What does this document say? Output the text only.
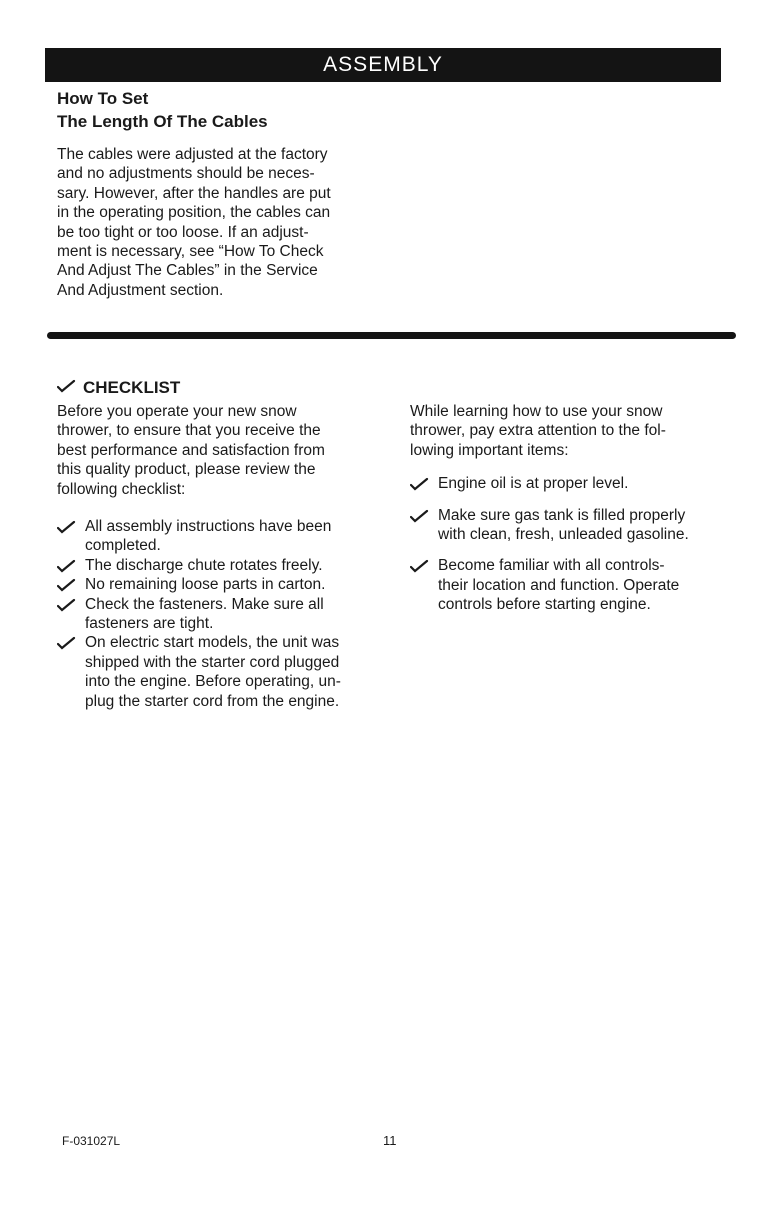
ASSEMBLY
How To Set
The Length Of The Cables
The cables were adjusted at the factory
and no adjustments should be neces-
sary. However, after the handles are put
in the operating position, the cables can
be too tight or too loose. If an adjust-
ment is necessary, see “How To Check
And Adjust The Cables” in the Service
And Adjustment section.
CHECKLIST
Before you operate your new snow
thrower, to ensure that you receive the
best performance and satisfaction from
this quality product, please review the
following checklist:
All assembly instructions have been
completed.
The discharge chute rotates freely.
No remaining loose parts in carton.
Check the fasteners. Make sure all
fasteners are tight.
On electric start models, the unit was
shipped with the starter cord plugged
into the engine. Before operating, un-
plug the starter cord from the engine.
While learning how to use your snow
thrower, pay extra attention to the fol-
lowing important items:
Engine oil is at proper level.
Make sure gas tank is filled properly
with clean, fresh, unleaded gasoline.
Become familiar with all controls-
their location and function. Operate
controls before starting engine.
F-031027L	11
